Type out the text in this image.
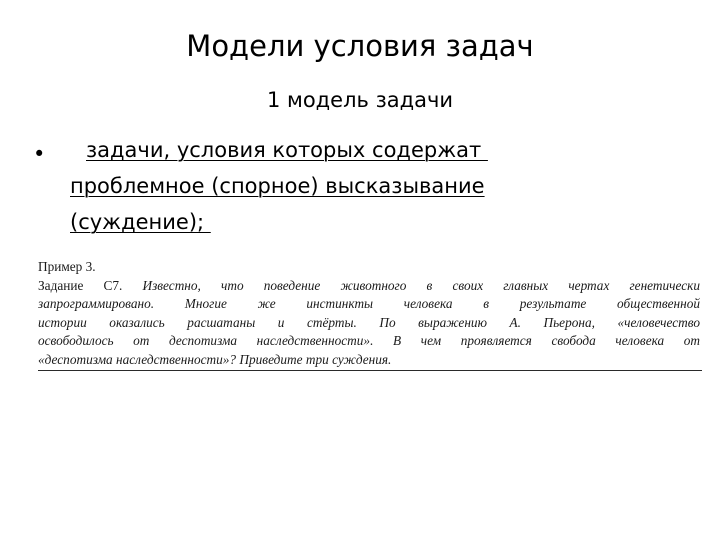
Модели условия задач
1 модель задачи
•	задачи, условия которых содержат
проблемное (спорное) высказывание
(суждение);
Пример 3.
Задание С7. Известно, что поведение животного в своих главных чертах генетически
запрограммировано. Многие же инстинкты человека в результате общественной
истории оказались расшатаны и стёрты. По выражению А. Пьерона, «человечество
освободилось от деспотизма наследственности». В чем проявляется свобода человека от
«деспотизма наследственности»? Приведите три суждения.
